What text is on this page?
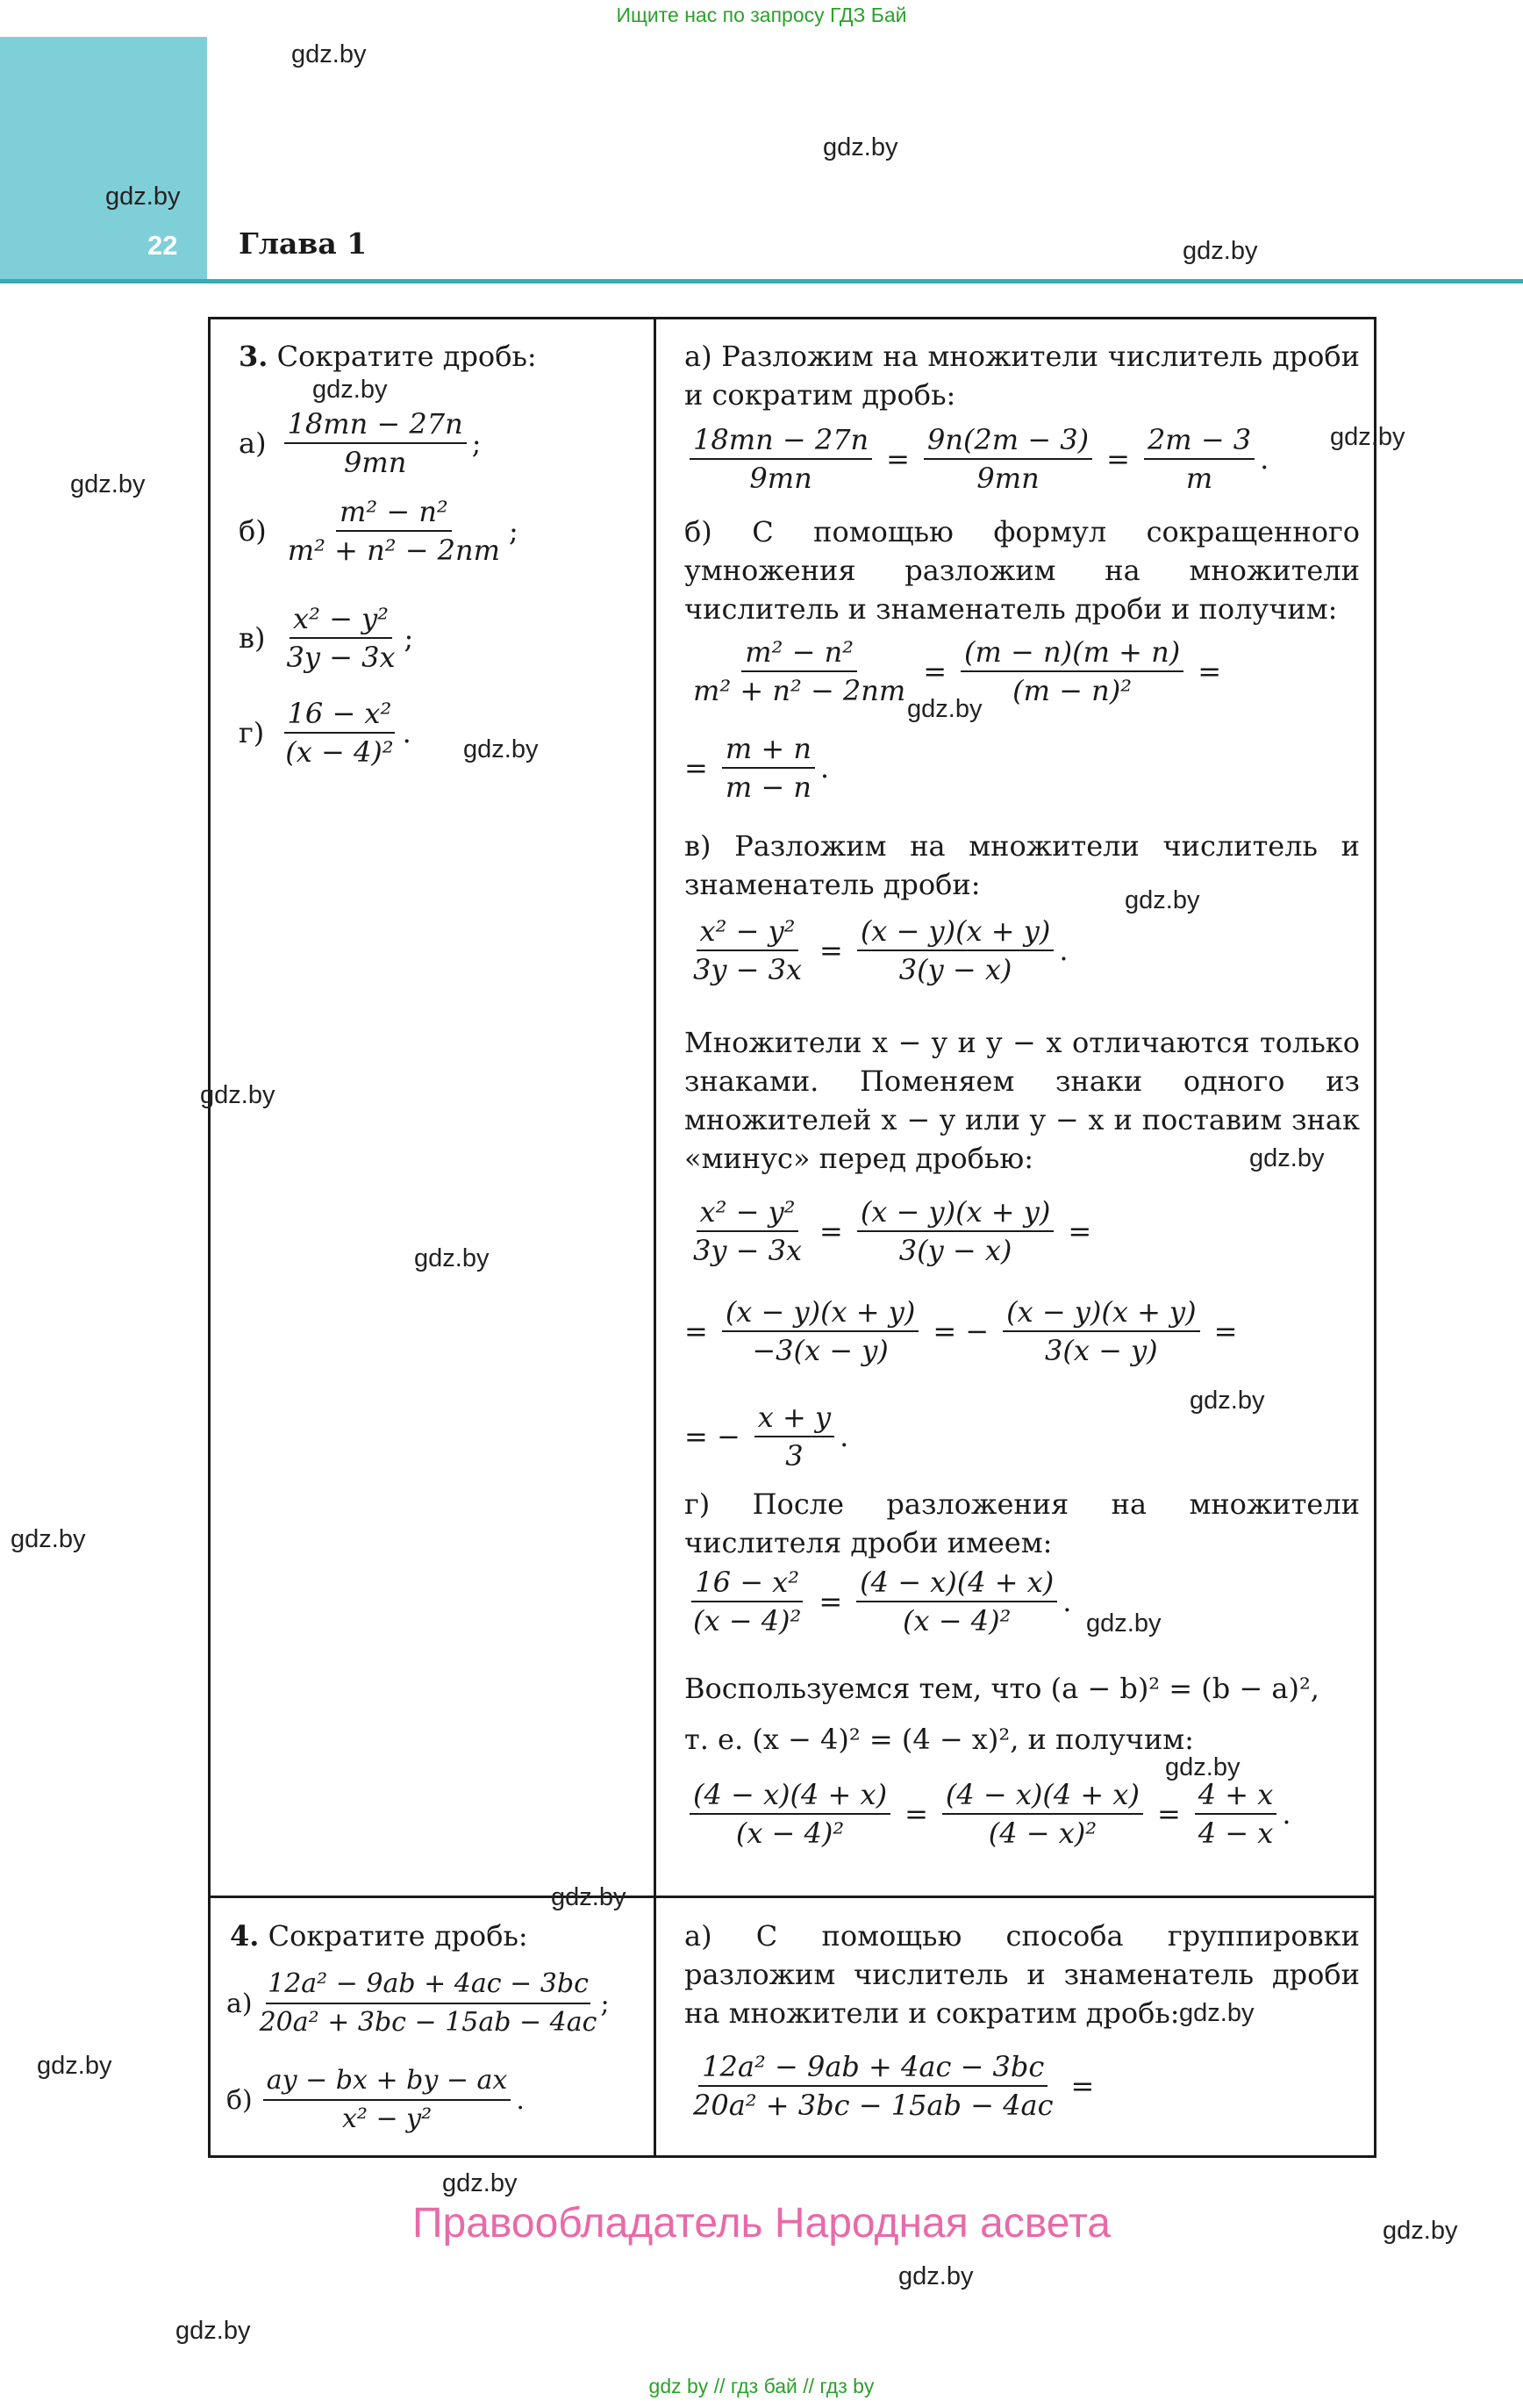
Ищите нас по запросу ГДЗ Бай
22 Глава 1
3. Сократите дробь:
$а) \frac{18mn - 27n}{9mn}$ ;
$б) \frac{\text{m² − n²}}{\text{m² + n² − 2nm}}$ ;
$в) \frac{\text{x² − y²}}{3y - 3x}$ ;
$г) \frac{\text{16 − x²}}{\text{(x − 4)²}}$ .
а) Разложим на множители числитель дроби и сократим дробь:
$\frac{18mn - 27n}{9mn} = \frac{9n(2m - 3)}{9mn} = \frac{2m - 3}{m}$ .
б) С помощью формул сокращенного умножения разложим на множители числитель и знаменатель дроби и получим:
$\frac{\text{m² − n²}}{\text{m² + n² − 2nm}} = \frac{(m - n)(m + n)}{\text{(m − n)²}}$ =
= $\frac{m + n}{m - n}$ .
в) Разложим на множители числитель и знаменатель дроби:
$\frac{\text{x² − y²}}{3y - 3x} = \frac{(x - y)(x + y)}{3(y - x)}$ .
Множители x − y и y − x отличаются только знаками. Поменяем знаки одного из множителей x − y или y − x и поставим знак «минус» перед дробью:
$\frac{\text{x² − y²}}{3y - 3x} = \frac{(x - y)(x + y)}{3(y - x)}$ =
= $\frac{(x - y)(x + y)}{-3(x - y)}$ = − $\frac{(x - y)(x + y)}{3(x - y)}$ =
= − $\frac{x + y}{3}$ .
г) После разложения на множители числителя дроби имеем:
$\frac{\text{16 − x²}}{\text{(x − 4)²}} = \frac{(4 - x)(4 + x)}{\text{(x − 4)²}}$ .
Воспользуемся тем, что (a − b)² = (b − a)²,
т. е. (x − 4)² = (4 − x)², и получим:
$\frac{(4 - x)(4 + x)}{\text{(x − 4)²}} = \frac{(4 - x)(4 + x)}{\text{(4 − x)²}} = \frac{4 + x}{4 - x}$ .
4. Сократите дробь:
$а) \frac{\text{12a² − 9ab + 4ac − 3bc}}{\text{20a² + 3bc − 15ab − 4ac}}$ ;
$б) \frac{ay - bx + by - ax}{\text{x² − y²}}$ .
а) С помощью способа группировки разложим числитель и знаменатель дроби на множители и сократим дробь:
$\frac{\text{12a² − 9ab + 4ac − 3bc}}{\text{20a² + 3bc − 15ab − 4ac}}$ =
gdz.by
gdz.by
gdz.by
gdz.by
gdz.by
gdz.by
gdz.by
gdz.by
gdz.by
gdz.by
gdz.by
gdz.by
gdz.by
gdz.by
gdz.by
gdz.by
gdz.by
gdz.by
gdz.by
gdz.by
gdz.by
gdz.by
gdz.by
gdz.by
Правообладатель Народная асвета
gdz by // гдз бай // гдз by
